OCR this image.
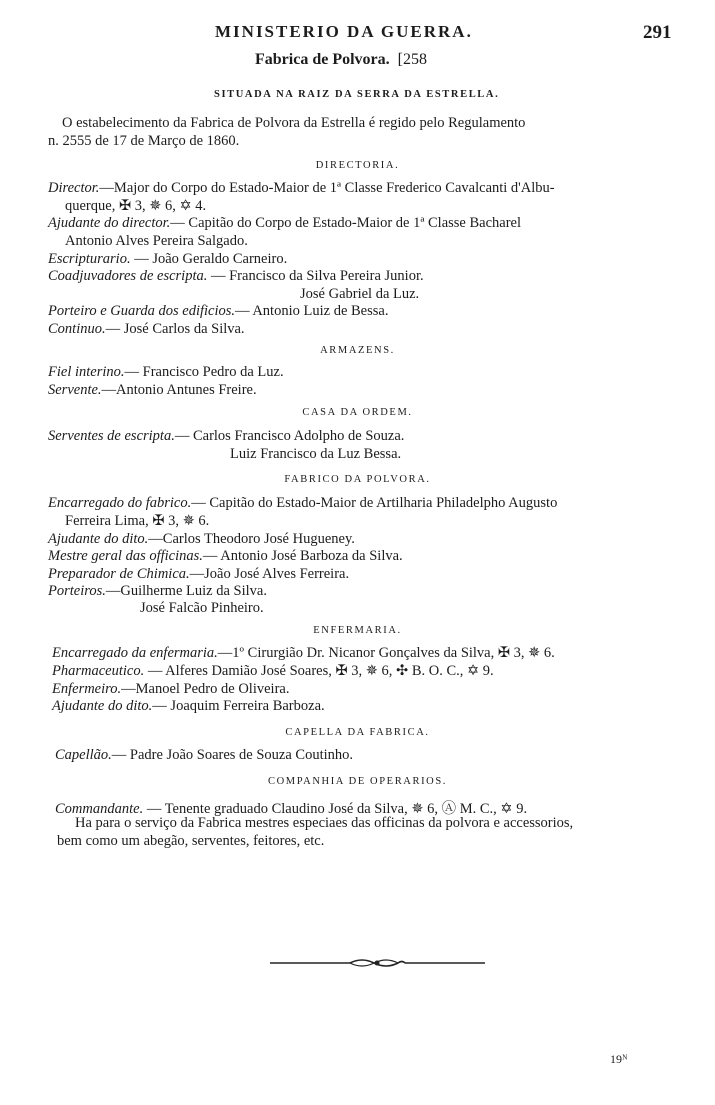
MINISTERIO DA GUERRA.	291
Fabrica de Polvora. [258
SITUADA NA RAIZ DA SERRA DA ESTRELLA.
O estabelecimento da Fabrica de Polvora da Estrella é regido pelo Regulamento
n. 2555 de 17 de Março de 1860.
DIRECTORIA.
Director.—Major do Corpo do Estado-Maior de 1ª Classe Frederico Cavalcanti d'Albu-
querque, ✠ 3, ✵ 6, ✡ 4.
Ajudante do director.— Capitão do Corpo de Estado-Maior de 1ª Classe Bacharel
Antonio Alves Pereira Salgado.
Escripturario. — João Geraldo Carneiro.
Coadjuvadores de escripta. — Francisco da Silva Pereira Junior.
José Gabriel da Luz.
Porteiro e Guarda dos edificios.— Antonio Luiz de Bessa.
Continuo.— José Carlos da Silva.
ARMAZENS.
Fiel interino.— Francisco Pedro da Luz.
Servente.—Antonio Antunes Freire.
CASA DA ORDEM.
Serventes de escripta.— Carlos Francisco Adolpho de Souza.
Luiz Francisco da Luz Bessa.
FABRICO DA POLVORA.
Encarregado do fabrico.— Capitão do Estado-Maior de Artilharia Philadelpho Augusto
Ferreira Lima, ✠ 3, ✵ 6.
Ajudante do dito.—Carlos Theodoro José Hugueney.
Mestre geral das officinas.— Antonio José Barboza da Silva.
Preparador de Chimica.—João José Alves Ferreira.
Porteiros.—Guilherme Luiz da Silva.
José Falcão Pinheiro.
ENFERMARIA.
Encarregado da enfermaria.—1º Cirurgião Dr. Nicanor Gonçalves da Silva, ✠ 3, ✵ 6.
Pharmaceutico. — Alferes Damião José Soares, ✠ 3, ✵ 6, ✣ B. O. C., ✡ 9.
Enfermeiro.—Manoel Pedro de Oliveira.
Ajudante do dito.— Joaquim Ferreira Barboza.
CAPELLA DA FABRICA.
Capellão.— Padre João Soares de Souza Coutinho.
COMPANHIA DE OPERARIOS.
Commandante. — Tenente graduado Claudino José da Silva, ✵ 6, Ⓐ M. C., ✡ 9.
Ha para o serviço da Fabrica mestres especiaes das officinas da polvora e accessorios,
bem como um abegão, serventes, feitores, etc.
19ᴺ
